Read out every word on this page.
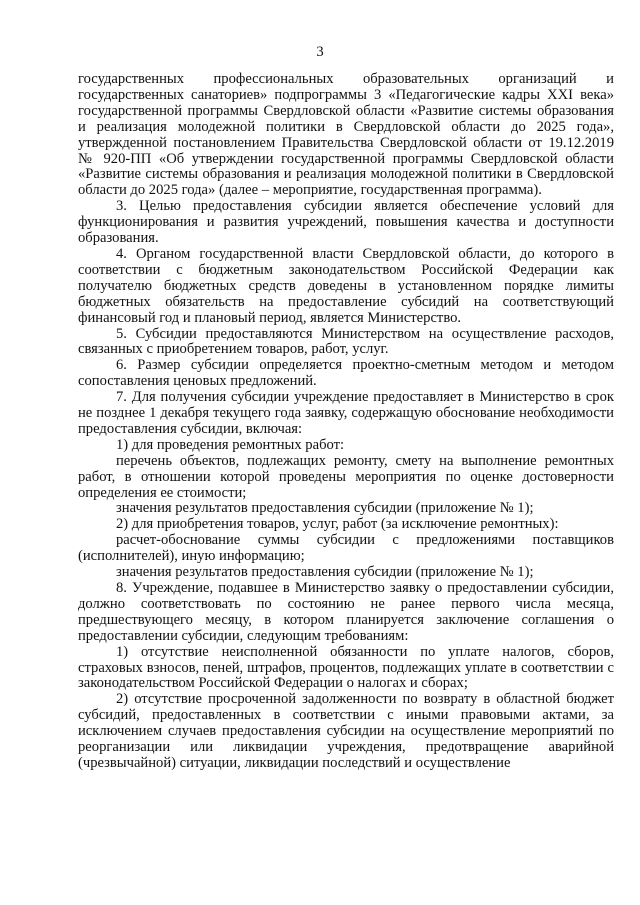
3

государственных профессиональных образовательных организаций и государственных санаториев» подпрограммы 3 «Педагогические кадры XXI века» государственной программы Свердловской области «Развитие системы образования и реализация молодежной политики в Свердловской области до 2025 года», утвержденной постановлением Правительства Свердловской области от 19.12.2019 № 920-ПП «Об утверждении государственной программы Свердловской области «Развитие системы образования и реализация молодежной политики в Свердловской области до 2025 года» (далее – мероприятие, государственная программа).

3. Целью предоставления субсидии является обеспечение условий для функционирования и развития учреждений, повышения качества и доступности образования.

4. Органом государственной власти Свердловской области, до которого в соответствии с бюджетным законодательством Российской Федерации как получателю бюджетных средств доведены в установленном порядке лимиты бюджетных обязательств на предоставление субсидий на соответствующий финансовый год и плановый период, является Министерство.

5. Субсидии предоставляются Министерством на осуществление расходов, связанных с приобретением товаров, работ, услуг.

6. Размер субсидии определяется проектно-сметным методом и методом сопоставления ценовых предложений.

7. Для получения субсидии учреждение предоставляет в Министерство в срок не позднее 1 декабря текущего года заявку, содержащую обоснование необходимости предоставления субсидии, включая:

1) для проведения ремонтных работ:

перечень объектов, подлежащих ремонту, смету на выполнение ремонтных работ, в отношении которой проведены мероприятия по оценке достоверности определения ее стоимости;

значения результатов предоставления субсидии (приложение № 1);

2) для приобретения товаров, услуг, работ (за исключение ремонтных):

расчет-обоснование суммы субсидии с предложениями поставщиков (исполнителей), иную информацию;

значения результатов предоставления субсидии (приложение № 1);

8. Учреждение, подавшее в Министерство заявку о предоставлении субсидии, должно соответствовать по состоянию не ранее первого числа месяца, предшествующего месяцу, в котором планируется заключение соглашения о предоставлении субсидии, следующим требованиям:

1) отсутствие неисполненной обязанности по уплате налогов, сборов, страховых взносов, пеней, штрафов, процентов, подлежащих уплате в соответствии с законодательством Российской Федерации о налогах и сборах;

2) отсутствие просроченной задолженности по возврату в областной бюджет субсидий, предоставленных в соответствии с иными правовыми актами, за исключением случаев предоставления субсидии на осуществление мероприятий по реорганизации или ликвидации учреждения, предотвращение аварийной (чрезвычайной) ситуации, ликвидации последствий и осуществление
